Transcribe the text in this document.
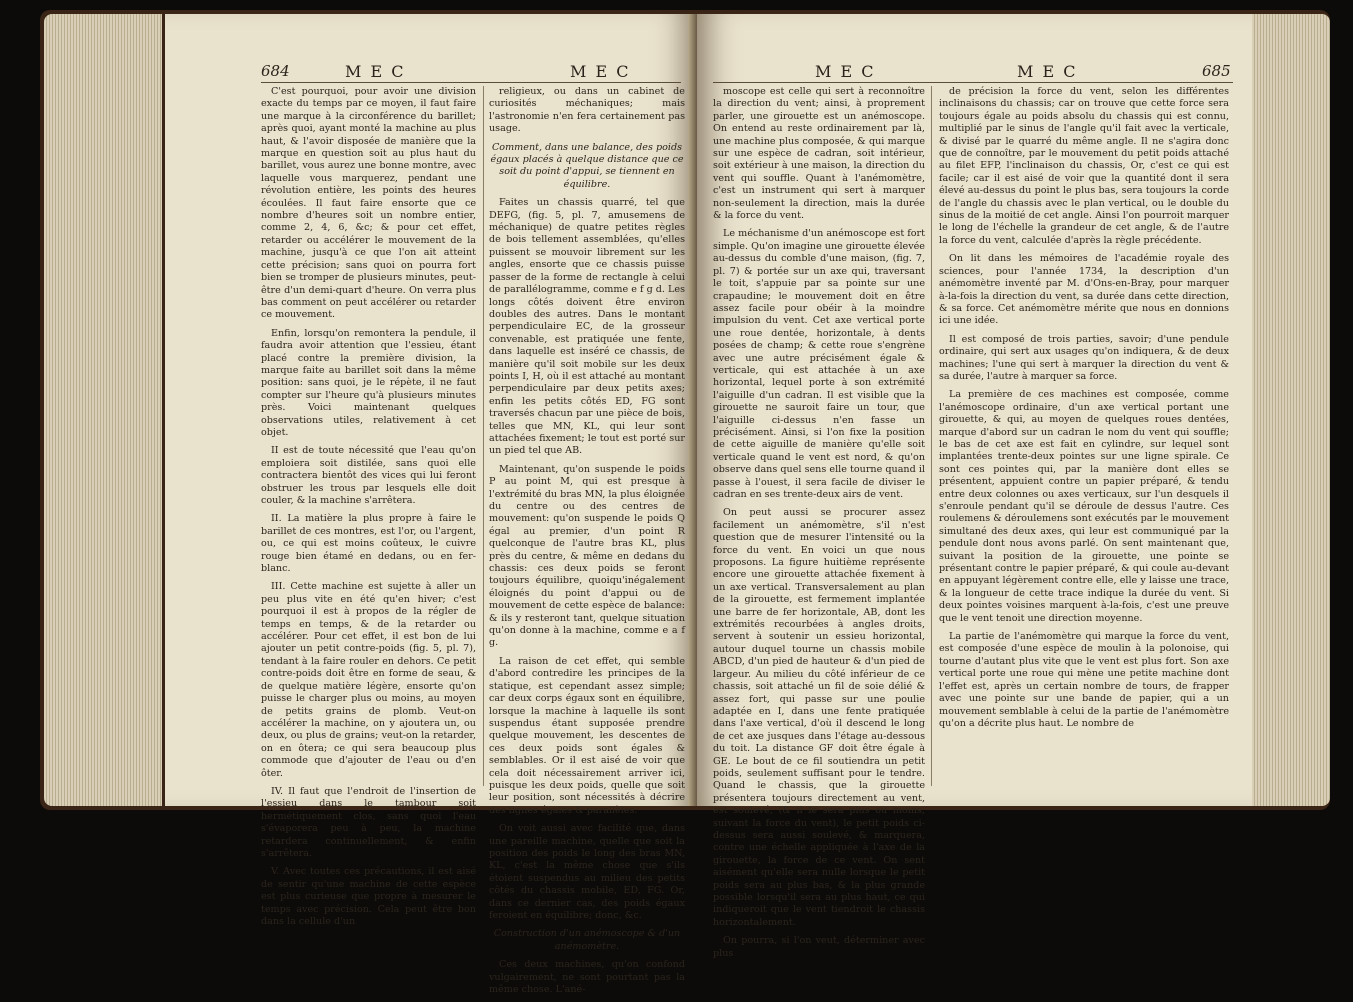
684	M E C	M E C

C'est pourquoi, pour avoir une division exacte du temps par ce moyen, il faut faire une marque à la circonférence du barillet; après quoi, ayant monté la machine au plus haut, & l'avoir disposée de manière que la marque en question soit au plus haut du barillet, vous aurez une bonne montre, avec laquelle vous marquerez, pendant une révolution entière, les points des heures écoulées. Il faut faire ensorte que ce nombre d'heures soit un nombre entier, comme 2, 4, 6, &c; & pour cet effet, retarder ou accélérer le mouvement de la machine, jusqu'à ce que l'on ait atteint cette précision; sans quoi on pourra fort bien se tromper de plusieurs minutes, peut-être d'un demi-quart d'heure. On verra plus bas comment on peut accélérer ou retarder ce mouvement.

Enfin, lorsqu'on remontera la pendule, il faudra avoir attention que l'essieu, étant placé contre la première division, la marque faite au barillet soit dans la même position: sans quoi, je le répète, il ne faut compter sur l'heure qu'à plusieurs minutes près. Voici maintenant quelques observations utiles, relativement à cet objet.

II est de toute nécessité que l'eau qu'on emploiera soit distilée, sans quoi elle contractera bientôt des vices qui lui feront obstruer les trous par lesquels elle doit couler, & la machine s'arrêtera.

II. La matière la plus propre à faire le barillet de ces montres, est l'or, ou l'argent, ou, ce qui est moins coûteux, le cuivre rouge bien étamé en dedans, ou en fer-blanc.

III. Cette machine est sujette à aller un peu plus vite en été qu'en hiver; c'est pourquoi il est à propos de la régler de temps en temps, & de la retarder ou accélérer. Pour cet effet, il est bon de lui ajouter un petit contre-poids (fig. 5, pl. 7), tendant à la faire rouler en dehors. Ce petit contre-poids doit être en forme de seau, & de quelque matière légère, ensorte qu'on puisse le charger plus ou moins, au moyen de petits grains de plomb. Veut-on accélérer la machine, on y ajoutera un, ou deux, ou plus de grains; veut-on la retarder, on en ôtera; ce qui sera beaucoup plus commode que d'ajouter de l'eau ou d'en ôter.

IV. Il faut que l'endroit de l'insertion de l'essieu dans le tambour soit hermétiquement clos, sans quoi l'eau s'évaporera peu à peu, la machine retardera continuellement, & enfin s'arrêtera.

V. Avec toutes ces précautions, il est aisé de sentir qu'une machine de cette espèce est plus curieuse que propre à mesurer le temps avec précision. Cela peut être bon dans la cellule d'un

religieux, ou dans un cabinet de curiosités méchaniques; mais l'astronomie n'en fera certainement pas usage.

Comment, dans une balance, des poids égaux placés à quelque distance que ce soit du point d'appui, se tiennent en équilibre.

Faites un chassis quarré, tel que DEFG, (fig. 5, pl. 7, amusemens de méchanique) de quatre petites règles de bois tellement assemblées, qu'elles puissent se mouvoir librement sur les angles, ensorte que ce chassis puisse passer de la forme de rectangle à celui de parallélogramme, comme e f g d. Les longs côtés doivent être environ doubles des autres. Dans le montant perpendiculaire EC, de la grosseur convenable, est pratiquée une fente, dans laquelle est inséré ce chassis, de manière qu'il soit mobile sur les deux points I, H, où il est attaché au montant perpendiculaire par deux petits axes; enfin les petits côtés ED, FG sont traversés chacun par une pièce de bois, telles que MN, KL, qui leur sont attachées fixement; le tout est porté sur un pied tel que AB.

Maintenant, qu'on suspende le poids P au point M, qui est presque à l'extrémité du bras MN, la plus éloignée du centre ou des centres de mouvement: qu'on suspende le poids Q égal au premier, d'un point R quelconque de l'autre bras KL, plus près du centre, & même en dedans du chassis: ces deux poids se feront toujours équilibre, quoiqu'inégalement éloignés du point d'appui ou de mouvement de cette espèce de balance: & ils y resteront tant, quelque situation qu'on donne à la machine, comme e a f g.

La raison de cet effet, qui semble d'abord contredire les principes de la statique, est cependant assez simple; car deux corps égaux sont en équilibre, lorsque la machine à laquelle ils sont suspendus étant supposée prendre quelque mouvement, les descentes de ces deux poids sont égales & semblables. Or il est aisé de voir que cela doit nécessairement arriver ici, puisque les deux poids, quelle que soit leur position, sont nécessités à décrire des lignes égales & parallèles.

On voit aussi avec facilité que, dans une pareille machine, quelle que soit la position des poids le long des bras MN, KL, c'est la même chose que s'ils étoient suspendus au milieu des petits côtés du chassis mobile, ED, FG. Or, dans ce dernier cas, des poids égaux feroient en équilibre; donc, &c.

Construction d'un anémoscope & d'un anémomètre.

Ces deux machines, qu'on confond vulgairement, ne sont pourtant pas la même chose. L'ané-

M E C	M E C	685

moscope est celle qui sert à reconnoître la direction du vent; ainsi, à proprement parler, une girouette est un anémoscope. On entend au reste ordinairement par là, une machine plus composée, & qui marque sur une espèce de cadran, soit intérieur, soit extérieur à une maison, la direction du vent qui souffle. Quant à l'anémomètre, c'est un instrument qui sert à marquer non-seulement la direction, mais la durée & la force du vent.

Le méchanisme d'un anémoscope est fort simple. Qu'on imagine une girouette élevée au-dessus du comble d'une maison, (fig. 7, pl. 7) & portée sur un axe qui, traversant le toit, s'appuie par sa pointe sur une crapaudine; le mouvement doit en être assez facile pour obéir à la moindre impulsion du vent. Cet axe vertical porte une roue dentée, horizontale, à dents posées de champ; & cette roue s'engrène avec une autre précisément égale & verticale, qui est attachée à un axe horizontal, lequel porte à son extrémité l'aiguille d'un cadran. Il est visible que la girouette ne sauroit faire un tour, que l'aiguille ci-dessus n'en fasse un précisément. Ainsi, si l'on fixe la position de cette aiguille de manière qu'elle soit verticale quand le vent est nord, & qu'on observe dans quel sens elle tourne quand il passe à l'ouest, il sera facile de diviser le cadran en ses trente-deux airs de vent.

On peut aussi se procurer assez facilement un anémomètre, s'il n'est question que de mesurer l'intensité ou la force du vent. En voici un que nous proposons. La figure huitième représente encore une girouette attachée fixement à un axe vertical. Transversalement au plan de la girouette, est fermement implantée une barre de fer horizontale, AB, dont les extrémités recourbées à angles droits, servent à soutenir un essieu horizontal, autour duquel tourne un chassis mobile ABCD, d'un pied de hauteur & d'un pied de largeur. Au milieu du côté inférieur de ce chassis, soit attaché un fil de soie délié & assez fort, qui passe sur une poulie adaptée en I, dans une fente pratiquée dans l'axe vertical, d'où il descend le long de cet axe jusques dans l'étage au-dessous du toit. La distance GF doit être égale à GE. Le bout de ce fil soutiendra un petit poids, seulement suffisant pour le tendre. Quand le chassis, que la girouette présentera toujours directement au vent, est soulevé, (& il le sera plus ou moins, suivant la force du vent), le petit poids ci-dessus sera aussi soulevé, & marquera, contre une échelle appliquée à l'axe de la girouette, la force de ce vent. On sent aisément qu'elle sera nulle lorsque le petit poids sera au plus bas, & la plus grande possible lorsqu'il sera au plus haut, ce qui indiqueroit que le vent tiendroit le chassis horizontalement.

On pourra, si l'on veut, déterminer avec plus

de précision la force du vent, selon les différentes inclinaisons du chassis; car on trouve que cette force sera toujours égale au poids absolu du chassis qui est connu, multiplié par le sinus de l'angle qu'il fait avec la verticale, & divisé par le quarré du même angle. Il ne s'agira donc que de connoître, par le mouvement du petit poids attaché au filet EFP, l'inclinaison du chassis, Or, c'est ce qui est facile; car il est aisé de voir que la quantité dont il sera élevé au-dessus du point le plus bas, sera toujours la corde de l'angle du chassis avec le plan vertical, ou le double du sinus de la moitié de cet angle. Ainsi l'on pourroit marquer le long de l'échelle la grandeur de cet angle, & de l'autre la force du vent, calculée d'après la règle précédente.

On lit dans les mémoires de l'académie royale des sciences, pour l'année 1734, la description d'un anémomètre inventé par M. d'Ons-en-Bray, pour marquer à-la-fois la direction du vent, sa durée dans cette direction, & sa force. Cet anémomètre mérite que nous en donnions ici une idée.

Il est composé de trois parties, savoir; d'une pendule ordinaire, qui sert aux usages qu'on indiquera, & de deux machines; l'une qui sert à marquer la direction du vent & sa durée, l'autre à marquer sa force.

La première de ces machines est composée, comme l'anémoscope ordinaire, d'un axe vertical portant une girouette, & qui, au moyen de quelques roues dentées, marque d'abord sur un cadran le nom du vent qui souffle; le bas de cet axe est fait en cylindre, sur lequel sont implantées trente-deux pointes sur une ligne spirale. Ce sont ces pointes qui, par la manière dont elles se présentent, appuient contre un papier préparé, & tendu entre deux colonnes ou axes verticaux, sur l'un desquels il s'enroule pendant qu'il se déroule de dessus l'autre. Ces roulemens & déroulemens sont exécutés par le mouvement simultané des deux axes, qui leur est communiqué par la pendule dont nous avons parlé. On sent maintenant que, suivant la position de la girouette, une pointe se présentant contre le papier préparé, & qui coule au-devant en appuyant légèrement contre elle, elle y laisse une trace, & la longueur de cette trace indique la durée du vent. Si deux pointes voisines marquent à-la-fois, c'est une preuve que le vent tenoit une direction moyenne.

La partie de l'anémomètre qui marque la force du vent, est composée d'une espèce de moulin à la polonoise, qui tourne d'autant plus vite que le vent est plus fort. Son axe vertical porte une roue qui mène une petite machine dont l'effet est, après un certain nombre de tours, de frapper avec une pointe sur une bande de papier, qui a un mouvement semblable à celui de la partie de l'anémomètre qu'on a décrite plus haut. Le nombre de
